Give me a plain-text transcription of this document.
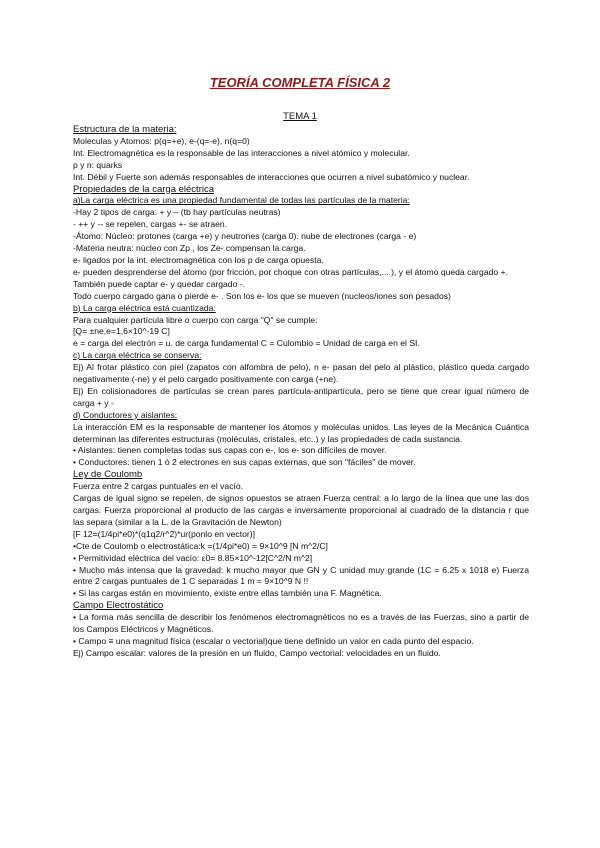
TEORÍA COMPLETA FÍSICA 2
TEMA 1

Estructura de la materia:

Moleculas y Atomos: p(q=+e), e-(q=-e), n(q=0)

Int. Electromagnética es la responsable de las interacciones a nivel atómico y molecular.

p y n: quarks

Int. Débil y Fuerte son además responsables de interacciones que ocurren a nivel subatómico y nuclear.

Propiedades de la carga eléctrica

a)La carga eléctrica es una propiedad fundamental de todas las partículas de la materia:

-Hay 2 tipos de carga: + y – (tb hay partículas neutras)

- ++ y -- se repelen, cargas +- se atraen.

-Átomo: Núcleo: protones (carga +e) y neutrones (carga 0). nube de electrones (carga - e)

-Materia neutra: núcleo con Zp , los Ze- compensan la carga.

e- ligados por la int. electromagnética con los p de carga opuesta.

e- pueden desprenderse del átomo (por fricción, por choque con otras partículas,... ), y el átomo queda cargado +.

También puede captar e- y quedar cargado -.

Todo cuerpo cargado gana o pierde e- . Son los e- los que se mueven (nucleos/iones son pesados)

b) La carga eléctrica está cuantizada:

Para cualquier partícula libre o cuerpo con carga "Q" se cumple:

[Q= ±ne,e=1,6×10^-19 C]

e = carga del electrón = u. de carga fundamental C = Culombio = Unidad de carga en el SI.

c) La carga eléctrica se conserva:

Ej) Al frotar plástico con piel (zapatos con alfombra de pelo), n e- pasan del pelo al plástico, plástico queda cargado negativamente (-ne) y el pelo cargado positivamente con carga (+ne).

Ej) En colisionadores de partículas se crean pares partícula-antipartícula, pero se tiene que crear igual número de carga + y -

d) Conductores y aislantes:

La interacción EM es la responsable de mantener los átomos y moléculas unidos. Las leyes de la Mecánica Cuántica determinan las diferentes estructuras (moléculas, cristales, etc..) y las propiedades de cada sustancia.

• Aislantes: tienen completas todas sus capas con e-, los e- son difíciles de mover.

• Conductores: tienen 1 ó 2 electrones en sus capas externas, que son "fáciles" de mover.

Ley de Coulomb

Fuerza entre 2 cargas puntuales en el vacío.

Cargas de igual signo se repelen, de signos opuestos se atraen Fuerza central: a lo largo de la línea que une las dos cargas. Fuerza proporcional al producto de las cargas e inversamente proporcional al cuadrado de la distancia r que las separa (similar a la L. de la Gravitación de Newton)

[F 12=(1/4pi*e0)*(q1q2/r^2)*ur(ponlo en vector)]

•Cte de Coulomb o electrostática:k =(1/4pi*e0) = 9×10^9 [N m^2/C]

• Permitividad eléctrica del vacío: ε0= 8.85×10^-12[C^2/N m^2]

• Mucho más intensa que la gravedad: k mucho mayor que GN y C unidad muy grande (1C = 6.25 x 1018 e) Fuerza entre 2 cargas puntuales de 1 C separadas 1 m = 9×10^9 N !!

• Si las cargas están en movimiento, existe entre ellas también una F. Magnética.

Campo Electrostático

• La forma más sencilla de describir los fenómenos electromagnéticos no es a través de las Fuerzas, sino a partir de los Campos Eléctricos y Magnéticos.

• Campo ≡ una magnitud física (escalar o vectorial)que tiene definido un valor en cada punto del espacio.

Ej) Campo escalar: valores de la presión en un fluido, Campo vectorial: velocidades en un fluido.
